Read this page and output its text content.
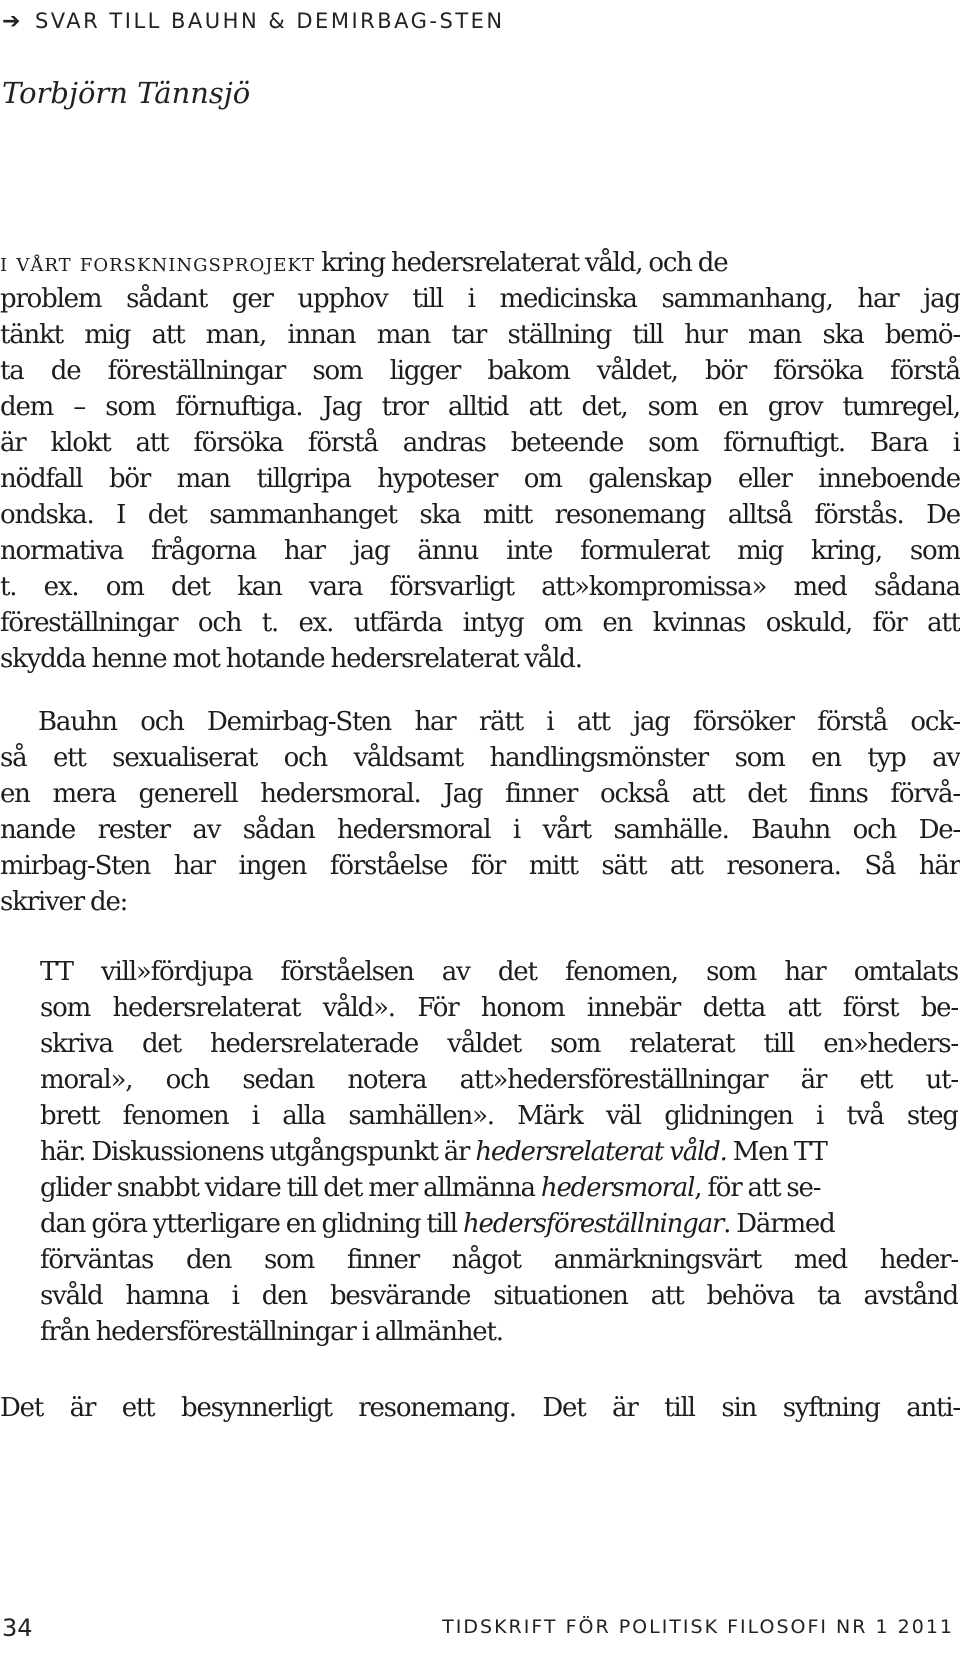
➔ SVAR TILL BAUHN & DEMIRBAG-STEN
Torbjörn Tännsjö
i vårt forskningsprojekt kring hedersrelaterat våld, och de
problem sådant ger upphov till i medicinska sammanhang, har jag
tänkt mig att man, innan man tar ställning till hur man ska bemö-
ta de föreställningar som ligger bakom våldet, bör försöka förstå
dem – som förnuftiga. Jag tror alltid att det, som en grov tumregel,
är klokt att försöka förstå andras beteende som förnuftigt. Bara i
nödfall bör man tillgripa hypoteser om galenskap eller inneboende
ondska. I det sammanhanget ska mitt resonemang alltså förstås. De
normativa frågorna har jag ännu inte formulerat mig kring, som
t. ex. om det kan vara försvarligt att»kompromissa» med sådana
föreställningar och t. ex. utfärda intyg om en kvinnas oskuld, för att
skydda henne mot hotande hedersrelaterat våld.
Bauhn och Demirbag-Sten har rätt i att jag försöker förstå ock-
så ett sexualiserat och våldsamt handlingsmönster som en typ av
en mera generell hedersmoral. Jag finner också att det finns förvå-
nande rester av sådan hedersmoral i vårt samhälle. Bauhn och De-
mirbag-Sten har ingen förståelse för mitt sätt att resonera. Så här
skriver de:
TT vill»fördjupa förståelsen av det fenomen, som har omtalats
som hedersrelaterat våld». För honom innebär detta att först be-
skriva det hedersrelaterade våldet som relaterat till en»heders-
moral», och sedan notera att»hedersföreställningar är ett ut-
brett fenomen i alla samhällen». Märk väl glidningen i två steg
här. Diskussionens utgångspunkt är hedersrelaterat våld. Men TT
glider snabbt vidare till det mer allmänna hedersmoral, för att se-
dan göra ytterligare en glidning till hedersföreställningar. Därmed
förväntas den som finner något anmärkningsvärt med heder-
svåld hamna i den besvärande situationen att behöva ta avstånd
från hedersföreställningar i allmänhet.
Det är ett besynnerligt resonemang. Det är till sin syftning anti-
34	TIDSKRIFT FÖR POLITISK FILOSOFI NR 1 2011
